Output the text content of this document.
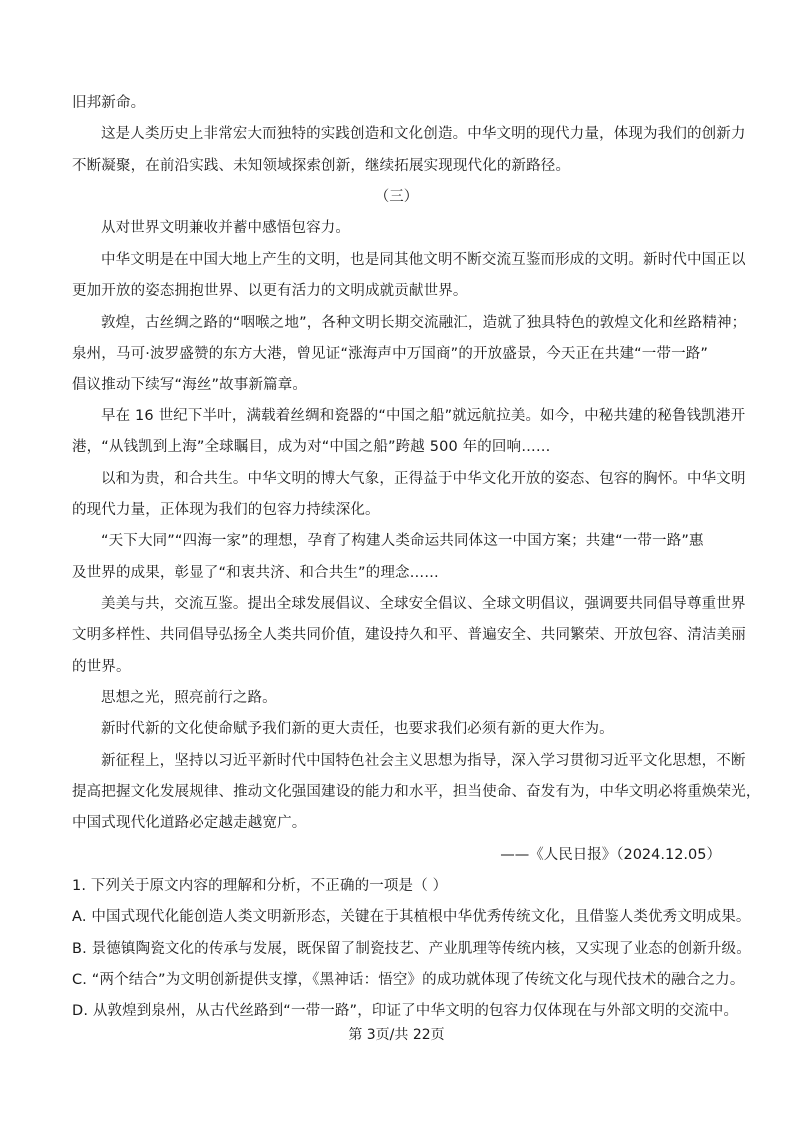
旧邦新命。
这是人类历史上非常宏大而独特的实践创造和文化创造。中华文明的现代力量，体现为我们的创新力
不断凝聚，在前沿实践、未知领域探索创新，继续拓展实现现代化的新路径。
（三）
从对世界文明兼收并蓄中感悟包容力。
中华文明是在中国大地上产生的文明，也是同其他文明不断交流互鉴而形成的文明。新时代中国正以
更加开放的姿态拥抱世界、以更有活力的文明成就贡献世界。
敦煌，古丝绸之路的“咽喉之地”，各种文明长期交流融汇，造就了独具特色的敦煌文化和丝路精神；
泉州，马可·波罗盛赞的东方大港，曾见证“涨海声中万国商”的开放盛景，今天正在共建“一带一路”
倡议推动下续写“海丝”故事新篇章。
早在 16 世纪下半叶，满载着丝绸和瓷器的“中国之船”就远航拉美。如今，中秘共建的秘鲁钱凯港开
港，“从钱凯到上海”全球瞩目，成为对“中国之船”跨越 500 年的回响……
以和为贵，和合共生。中华文明的博大气象，正得益于中华文化开放的姿态、包容的胸怀。中华文明
的现代力量，正体现为我们的包容力持续深化。
“天下大同”“四海一家”的理想，孕育了构建人类命运共同体这一中国方案；共建“一带一路”惠
及世界的成果，彰显了“和衷共济、和合共生”的理念……
美美与共，交流互鉴。提出全球发展倡议、全球安全倡议、全球文明倡议，强调要共同倡导尊重世界
文明多样性、共同倡导弘扬全人类共同价值，建设持久和平、普遍安全、共同繁荣、开放包容、清洁美丽
的世界。
思想之光，照亮前行之路。
新时代新的文化使命赋予我们新的更大责任，也要求我们必须有新的更大作为。
新征程上，坚持以习近平新时代中国特色社会主义思想为指导，深入学习贯彻习近平文化思想，不断
提高把握文化发展规律、推动文化强国建设的能力和水平，担当使命、奋发有为，中华文明必将重焕荣光，
中国式现代化道路必定越走越宽广。
——《人民日报》（2024.12.05）
1. 下列关于原文内容的理解和分析，不正确的一项是（ ）
A. 中国式现代化能创造人类文明新形态，关键在于其植根中华优秀传统文化，且借鉴人类优秀文明成果。
B. 景德镇陶瓷文化的传承与发展，既保留了制瓷技艺、产业肌理等传统内核，又实现了业态的创新升级。
C. “两个结合”为文明创新提供支撑，《黑神话：悟空》的成功就体现了传统文化与现代技术的融合之力。
D. 从敦煌到泉州，从古代丝路到“一带一路”，印证了中华文明的包容力仅体现在与外部文明的交流中。
第 3页/共 22页
